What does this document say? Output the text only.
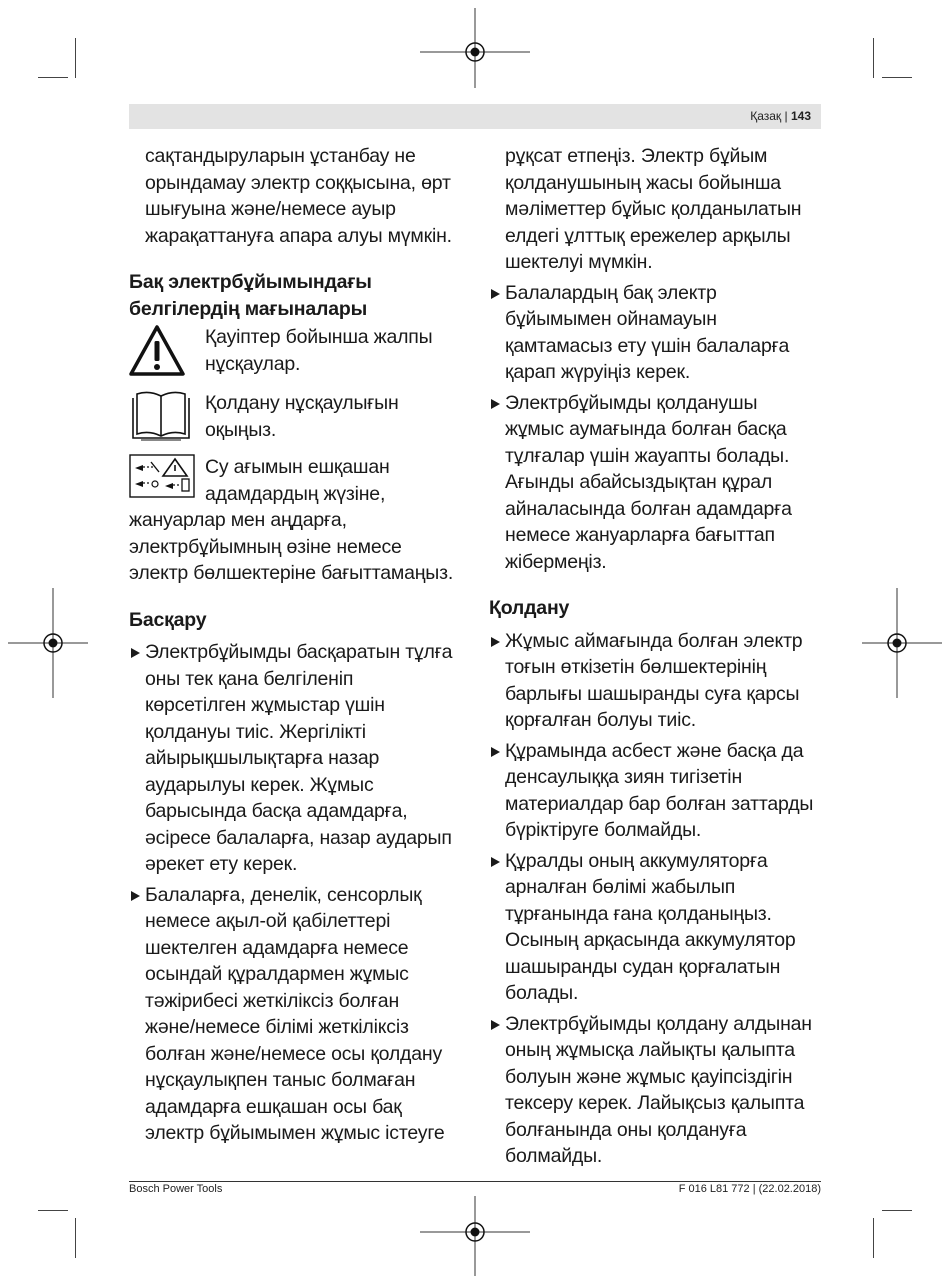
Қазақ | 143

сақтандыруларын ұстанбау не

орындамау электр соққысына, өрт

шығуына және/немесе ауыр

жарақаттануға апара алуы мүмкін.

Бақ электрбұйымындағы
белгілердің мағыналары

Қауіптер бойынша жалпы

нұсқаулар.

Қолдану нұсқаулығын

оқыңыз.

Су ағымын ешқашан

адамдардың жүзіне,

жануарлар мен аңдарға,

электрбұйымның өзіне немесе

электр бөлшектеріне бағыттамаңыз.

Басқару

Электрбұйымды басқаратын тұлға

оны тек қана белгіленіп

көрсетілген жұмыстар үшін

қолдануы тиіс. Жергілікті

айырықшылықтарға назар

аударылуы керек. Жұмыс

барысында басқа адамдарға,

әсіресе балаларға, назар аударып

әрекет ету керек.

Балаларға, денелік, сенсорлық

немесе ақыл-ой қабілеттері

шектелген адамдарға немесе

осындай құралдармен жұмыс

тәжірибесі жеткіліксіз болған

және/немесе білімі жеткіліксіз

болған және/немесе осы қолдану

нұсқаулықпен таныс болмаған

адамдарға ешқашан осы бақ

электр бұйымымен жұмыс істеуге

рұқсат етпеңіз. Электр бұйым

қолданушының жасы бойынша

мәліметтер бұйыс қолданылатын

елдегі ұлттық ережелер арқылы

шектелуі мүмкін.

Балалардың бақ электр

бұйымымен ойнамауын

қамтамасыз ету үшін балаларға

қарап жүруіңіз керек.

Электрбұйымды қолданушы

жұмыс аумағында болған басқа

тұлғалар үшін жауапты болады.

Ағынды абайсыздықтан құрал

айналасында болған адамдарға

немесе жануарларға бағыттап

жібермеңіз.

Қолдану

Жұмыс аймағында болған электр

тоғын өткізетін бөлшектерінің

барлығы шашыранды суға қарсы

қорғалған болуы тиіс.

Құрамында асбест және басқа да

денсаулыққа зиян тигізетін

материалдар бар болған заттарды

бүріктіруге болмайды.

Құралды оның аккумуляторға

арналған бөлімі жабылып

тұрғанында ғана қолданыңыз.

Осының арқасында аккумулятор

шашыранды судан қорғалатын

болады.

Электрбұйымды қолдану алдынан

оның жұмысқа лайықты қалыпта

болуын және жұмыс қауіпсіздігін

тексеру керек. Лайықсыз қалыпта

болғанында оны қолдануға

болмайды.

Bosch Power Tools	F 016 L81 772 | (22.02.2018)
